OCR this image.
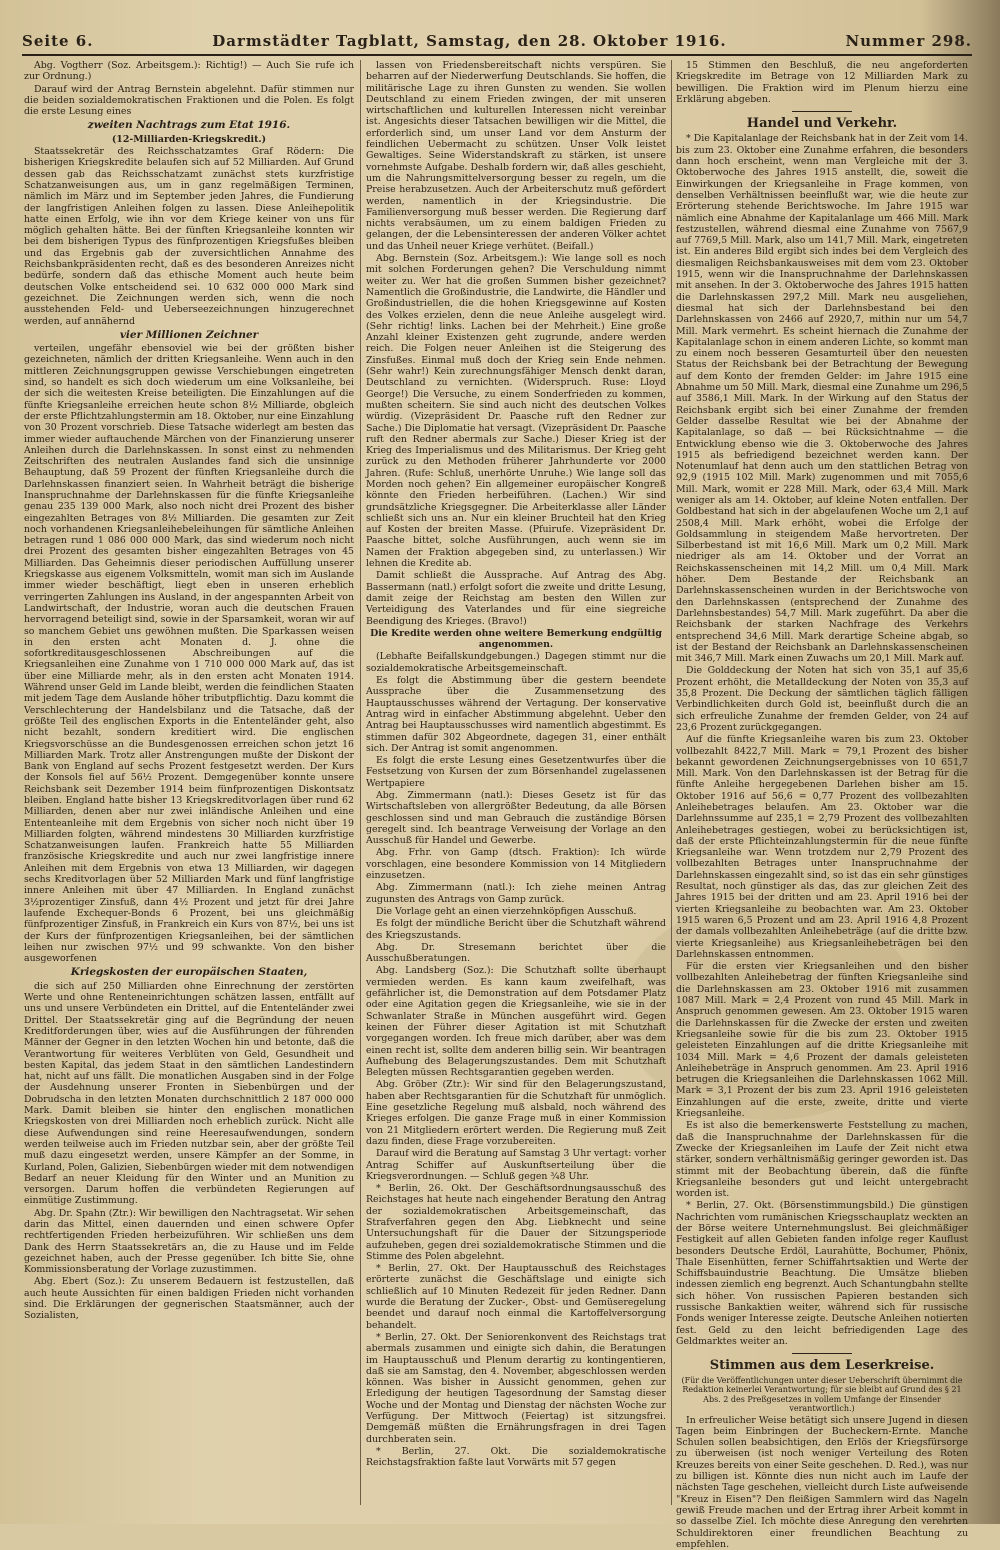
Seite 6.	Darmstädter Tagblatt, Samstag, den 28. Oktober 1916.	Nummer 298.

Abg. Vogtherr (Soz. Arbeitsgem.): Richtig!) — Auch Sie rufe ich zur Ordnung.)

Darauf wird der Antrag Bernstein abgelehnt. Dafür stimmen nur die beiden sozialdemokratischen Fraktionen und die Polen. Es folgt die erste Lesung eines

zweiten Nachtrags zum Etat 1916.

(12-Milliarden-Kriegskredit.)

Staatssekretär des Reichsschatzamtes Graf Rödern: Die bisherigen Kriegskredite belaufen sich auf 52 Milliarden. Auf Grund dessen gab das Reichsschatzamt zunächst stets kurzfristige Schatzanweisungen aus, um in ganz regelmäßigen Terminen, nämlich im März und im September jeden Jahres, die Fundierung der langfristigen Anleihen folgen zu lassen. Diese Anleihepolitik hatte einen Erfolg, wie ihn vor dem Kriege keiner von uns für möglich gehalten hätte. Bei der fünften Kriegsanleihe konnten wir bei dem bisherigen Typus des fünfprozentigen Kriegsfußes bleiben und das Ergebnis gab der zuversichtlichen Annahme des Reichsbankpräsidenten recht, daß es des besonderen Anreizes nicht bedürfe, sondern daß das ethische Moment auch heute beim deutschen Volke entscheidend sei. 10 632 000 000 Mark sind gezeichnet. Die Zeichnungen werden sich, wenn die noch ausstehenden Feld- und Ueberseezeichnungen hinzugerechnet werden, auf annähernd

vier Millionen Zeichner

verteilen, ungefähr ebensoviel wie bei der größten bisher gezeichneten, nämlich der dritten Kriegsanleihe. Wenn auch in den mittleren Zeichnungsgruppen gewisse Verschiebungen eingetreten sind, so handelt es sich doch wiederum um eine Volksanleihe, bei der sich die weitesten Kreise beteiligten. Die Einzahlungen auf die fünfte Kriegsanleihe erreichen heute schon 8½ Milliarde, obgleich der erste Pflichtzahlungstermin am 18. Oktober, nur eine Einzahlung von 30 Prozent vorschrieb. Diese Tatsache widerlegt am besten das immer wieder auftauchende Märchen von der Finanzierung unserer Anleihen durch die Darlehnskassen. In sonst einst zu nehmenden Zeitschriften des neutralen Auslandes fand sich die unsinnige Behauptung, daß 59 Prozent der fünften Kriegsanleihe durch die Darlehnskassen finanziert seien. In Wahrheit beträgt die bisherige Inanspruchnahme der Darlehnskassen für die fünfte Kriegsanleihe genau 235 139 000 Mark, also noch nicht drei Prozent des bisher eingezahlten Betrages von 8½ Milliarden. Die gesamten zur Zeit noch vorhandenen Kriegsanleihebeleihungen für sämtliche Anleihen betragen rund 1 086 000 000 Mark, das sind wiederum noch nicht drei Prozent des gesamten bisher eingezahlten Betrages von 45 Milliarden. Das Geheimnis dieser periodischen Auffüllung unserer Kriegskasse aus eigenem Volksmitteln, womit man sich im Auslande immer wieder beschäftigt, liegt eben in unseren erheblich verringerten Zahlungen ins Ausland, in der angespannten Arbeit von Landwirtschaft, der Industrie, woran auch die deutschen Frauen hervorragend beteiligt sind, sowie in der Sparsamkeit, woran wir auf so manchem Gebiet uns gewöhnen mußten. Die Sparkassen weisen in den ersten acht Monaten d. J. ohne die sofortkreditausgeschlossenen Abschreibungen auf die Kriegsanleihen eine Zunahme von 1 710 000 000 Mark auf, das ist über eine Milliarde mehr, als in den ersten acht Monaten 1914. Während unser Geld im Lande bleibt, werden die feindlichen Staaten mit jedem Tage dem Auslande höher tributpflichtig. Dazu kommt die Verschlechterung der Handelsbilanz und die Tatsache, daß der größte Teil des englischen Exports in die Ententeländer geht, also nicht bezahlt, sondern kreditiert wird. Die englischen Kriegsvorschüsse an die Bundesgenossen erreichen schon jetzt 16 Milliarden Mark. Trotz aller Anstrengungen mußte der Diskont der Bank von England auf sechs Prozent festgesetzt werden. Der Kurs der Konsols fiel auf 56½ Prozent. Demgegenüber konnte unsere Reichsbank seit Dezember 1914 beim fünfprozentigen Diskontsatz bleiben. England hatte bisher 13 Kriegskreditvorlagen über rund 62 Milliarden, denen aber nur zwei inländische Anleihen und eine Ententeanleihe mit dem Ergebnis von sicher noch nicht über 19 Milliarden folgten, während mindestens 30 Milliarden kurzfristige Schatzanweisungen laufen. Frankreich hatte 55 Milliarden französische Kriegskredite und auch nur zwei langfristige innere Anleihen mit dem Ergebnis von etwa 13 Milliarden, wir dagegen sechs Kreditvorlagen über 52 Milliarden Mark und fünf langfristige innere Anleihen mit über 47 Milliarden. In England zunächst 3½prozentiger Zinsfuß, dann 4½ Prozent und jetzt für drei Jahre laufende Exchequer-Bonds 6 Prozent, bei uns gleichmäßig fünfprozentiger Zinsfuß, in Frankreich ein Kurs von 87½, bei uns ist der Kurs der fünfprozentigen Kriegsanleihen, bei der sämtlichen leihen nur zwischen 97½ und 99 schwankte. Von den bisher ausgeworfenen

Kriegskosten der europäischen Staaten,

die sich auf 250 Milliarden ohne Einrechnung der zerstörten Werte und ohne Renteneinrichtungen schätzen lassen, entfällt auf uns und unsere Verbündeten ein Drittel, auf die Ententeländer zwei Drittel. Der Staatssekretär ging auf die Begründung der neuen Kreditforderungen über, wies auf die Ausführungen der führenden Männer der Gegner in den letzten Wochen hin und betonte, daß die Verantwortung für weiteres Verblüten von Geld, Gesundheit und besten Kapital, das jedem Staat in den sämtlichen Landestindern hat, nicht auf uns fällt. Die monatlichen Ausgaben sind in der Folge der Ausdehnung unserer Fronten in Siebenbürgen und der Dobrudscha in den letzten Monaten durchschnittlich 2 187 000 000 Mark. Damit bleiben sie hinter den englischen monatlichen Kriegskosten von drei Milliarden noch erheblich zurück. Nicht alle diese Aufwendungen sind reine Heeresaufwendungen, sondern werden teilweise auch im Frieden nutzbar sein, aber der größte Teil muß dazu eingesetzt werden, unsere Kämpfer an der Somme, in Kurland, Polen, Galizien, Siebenbürgen wieder mit dem notwendigen Bedarf an neuer Kleidung für den Winter und an Munition zu versorgen. Darum hoffen die verbündeten Regierungen auf einmütige Zustimmung.

Abg. Dr. Spahn (Ztr.): Wir bewilligen den Nachtragsetat. Wir sehen darin das Mittel, einen dauernden und einen schwere Opfer rechtfertigenden Frieden herbeizuführen. Wir schließen uns dem Dank des Herrn Staatssekretärs an, die zu Hause und im Felde gezeichnet haben, auch der Presse gegenüber. Ich bitte Sie, ohne Kommissionsberatung der Vorlage zuzustimmen.

Abg. Ebert (Soz.): Zu unserem Bedauern ist festzustellen, daß auch heute Aussichten für einen baldigen Frieden nicht vorhanden sind. Die Erklärungen der gegnerischen Staatsmänner, auch der Sozialisten,

lassen von Friedensbereitschaft nichts verspüren. Sie beharren auf der Niederwerfung Deutschlands. Sie hoffen, die militärische Lage zu ihren Gunsten zu wenden. Sie wollen Deutschland zu einem Frieden zwingen, der mit unseren wirtschaftlichen und kulturellen Interessen nicht vereinbar ist. Angesichts dieser Tatsachen bewilligen wir die Mittel, die erforderlich sind, um unser Land vor dem Ansturm der feindlichen Uebermacht zu schützen. Unser Volk leistet Gewaltiges. Seine Widerstandskraft zu stärken, ist unsere vornehmste Aufgabe. Deshalb fordern wir, daß alles geschieht, um die Nahrungsmittelversorgung besser zu regeln, um die Preise herabzusetzen. Auch der Arbeiterschutz muß gefördert werden, namentlich in der Kriegsindustrie. Die Familienversorgung muß besser werden. Die Regierung darf nichts verabsäumen, um zu einem baldigen Frieden zu gelangen, der die Lebensinteressen der anderen Völker achtet und das Unheil neuer Kriege verhütet. (Beifall.)

Abg. Bernstein (Soz. Arbeitsgem.): Wie lange soll es noch mit solchen Forderungen gehen? Die Verschuldung nimmt weiter zu. Wer hat die großen Summen bisher gezeichnet? Namentlich die Großindustrie, die Landwirte, die Händler und Großindustriellen, die die hohen Kriegsgewinne auf Kosten des Volkes erzielen, denn die neue Anleihe ausgelegt wird. (Sehr richtig! links. Lachen bei der Mehrheit.) Eine große Anzahl kleiner Existenzen geht zugrunde, andere werden reich. Die Folgen neuer Anleihen ist die Steigerung des Zinsfußes. Einmal muß doch der Krieg sein Ende nehmen. (Sehr wahr!) Kein zurechnungsfähiger Mensch denkt daran, Deutschland zu vernichten. (Widerspruch. Ruse: Lloyd George!) Die Versuche, zu einem Sonderfrieden zu kommen, mußten scheitern. Sie sind auch nicht des deutschen Volkes würdig. (Vizepräsident Dr. Paasche ruft den Redner zur Sache.) Die Diplomatie hat versagt. (Vizepräsident Dr. Paasche ruft den Redner abermals zur Sache.) Dieser Krieg ist der Krieg des Imperialismus und des Militarismus. Der Krieg geht zurück zu den Methoden früherer Jahrhunderte vor 2000 Jahren. (Rufe: Schluß, unerhörte Unruhe.) Wie lange soll das Morden noch gehen? Ein allgemeiner europäischer Kongreß könnte den Frieden herbeiführen. (Lachen.) Wir sind grundsätzliche Kriegsgegner. Die Arbeiterklasse aller Länder schließt sich uns an. Nur ein kleiner Bruchteil hat den Krieg auf Kosten der breiten Masse. (Pfuirufe. Vizepräsident Dr. Paasche bittet, solche Ausführungen, auch wenn sie im Namen der Fraktion abgegeben sind, zu unterlassen.) Wir lehnen die Kredite ab.

Damit schließt die Aussprache. Auf Antrag des Abg. Bassermann (natl.) erfolgt sofort die zweite und dritte Lesung, damit zeige der Reichstag am besten den Willen zur Verteidigung des Vaterlandes und für eine siegreiche Beendigung des Krieges. (Bravo!)

Die Kredite werden ohne weitere Bemerkung endgültig angenommen.

(Lebhafte Beifallskundgebungen.) Dagegen stimmt nur die sozialdemokratische Arbeitsgemeinschaft.

Es folgt die Abstimmung über die gestern beendete Aussprache über die Zusammensetzung des Hauptausschusses während der Vertagung. Der konservative Antrag wird in einfacher Abstimmung abgelehnt. Ueber den Antrag bei Hauptausschusses wird namentlich abgestimmt. Es stimmen dafür 302 Abgeordnete, dagegen 31, einer enthält sich. Der Antrag ist somit angenommen.

Es folgt die erste Lesung eines Gesetzentwurfes über die Festsetzung von Kursen der zum Börsenhandel zugelassenen Wertpapiere

Abg. Zimmermann (natl.): Dieses Gesetz ist für das Wirtschaftsleben von allergrößter Bedeutung, da alle Börsen geschlossen sind und man Gebrauch die zuständige Börsen geregelt sind. Ich beantrage Verweisung der Vorlage an den Ausschuß für Handel und Gewerbe.

Abg. Frhr. von Gamp (dtsch. Fraktion): Ich würde vorschlagen, eine besondere Kommission von 14 Mitgliedern einzusetzen.

Abg. Zimmermann (natl.): Ich ziehe meinen Antrag zugunsten des Antrags von Gamp zurück.

Die Vorlage geht an einen vierzehnköpfigen Ausschuß.

Es folgt der mündliche Bericht über die Schutzhaft während des Kriegszustands.

Abg. Dr. Stresemann berichtet über die Ausschußberatungen.

Abg. Landsberg (Soz.): Die Schutzhaft sollte überhaupt vermieden werden. Es kann kaum zweifelhaft, was gefährlicher ist, die Demonstration auf dem Potsdamer Platz oder eine Agitation gegen die Kriegsanleihe, wie sie in der Schwanlater Straße in München ausgeführt wird. Gegen keinen der Führer dieser Agitation ist mit Schutzhaft vorgegangen worden. Ich freue mich darüber, aber was dem einen recht ist, sollte dem anderen billig sein. Wir beantragen Aufhebung des Belagerungszustandes. Dem mit Schutzhaft Belegten müssen Rechtsgarantien gegeben werden.

Abg. Gröber (Ztr.): Wir sind für den Belagerungszustand, haben aber Rechtsgarantien für die Schutzhaft für unmöglich. Eine gesetzliche Regelung muß alsbald, noch während des Krieges erfolgen. Die ganze Frage muß in einer Kommission von 21 Mitgliedern erörtert werden. Die Regierung muß Zeit dazu finden, diese Frage vorzubereiten.

Darauf wird die Beratung auf Samstag 3 Uhr vertagt: vorher Antrag Schiffer auf Auskunftserteilung über die Kriegsverordnungen. — Schluß gegen ¾8 Uhr.

* Berlin, 26. Okt. Der Geschäftsordnungsausschuß des Reichstages hat heute nach eingehender Beratung den Antrag der sozialdemokratischen Arbeitsgemeinschaft, das Strafverfahren gegen den Abg. Liebknecht und seine Untersuchungshaft für die Dauer der Sitzungsperiode aufzuheben, gegen drei sozialdemokratische Stimmen und die Stimme des Polen abgelehnt.

* Berlin, 27. Okt. Der Hauptausschuß des Reichstages erörterte zunächst die Geschäftslage und einigte sich schließlich auf 10 Minuten Redezeit für jeden Redner. Dann wurde die Beratung der Zucker-, Obst- und Gemüseregelung beendet und darauf noch einmal die Kartoffelversorgung behandelt.

* Berlin, 27. Okt. Der Seniorenkonvent des Reichstags trat abermals zusammen und einigte sich dahin, die Beratungen im Hauptausschuß und Plenum derartig zu kontingentieren, daß sie am Samstag, den 4. November, abgeschlossen werden können. Was bisher in Aussicht genommen, gehen zur Erledigung der heutigen Tagesordnung der Samstag dieser Woche und der Montag und Dienstag der nächsten Woche zur Verfügung. Der Mittwoch (Feiertag) ist sitzungsfrei. Demgemäß müßten die Ernährungsfragen in drei Tagen durchberaten sein.

* Berlin, 27. Okt. Die sozialdemokratische Reichstagsfraktion faßte laut Vorwärts mit 57 gegen

15 Stimmen den Beschluß, die neu angeforderten Kriegskredite im Betrage von 12 Milliarden Mark zu bewilligen. Die Fraktion wird im Plenum hierzu eine Erklärung abgeben.

Handel und Verkehr.

* Die Kapitalanlage der Reichsbank hat in der Zeit vom 14. bis zum 23. Oktober eine Zunahme erfahren, die besonders dann hoch erscheint, wenn man Vergleiche mit der 3. Oktoberwoche des Jahres 1915 anstellt, die, soweit die Einwirkungen der Kriegsanleihe in Frage kommen, von denselben Verhältnissen beeinflußt war, wie die heute zur Erörterung stehende Berichtswoche. Im Jahre 1915 war nämlich eine Abnahme der Kapitalanlage um 466 Mill. Mark festzustellen, während diesmal eine Zunahme von 7567,9 auf 7769,5 Mill. Mark, also um 141,7 Mill. Mark, eingetreten ist. Ein anderes Bild ergibt sich indes bei dem Vergleich des diesmaligen Reichsbankausweises mit dem vom 23. Oktober 1915, wenn wir die Inanspruchnahme der Darlehnskassen mit ansehen. In der 3. Oktoberwoche des Jahres 1915 hatten die Darlehnskassen 297,2 Mill. Mark neu ausgeliehen, diesmal hat sich der Darlehnsbestand bei den Darlehnskassen von 2466 auf 2920,7, mithin nur um 54,7 Mill. Mark vermehrt. Es scheint hiernach die Zunahme der Kapitalanlage schon in einem anderen Lichte, so kommt man zu einem noch besseren Gesamturteil über den neuesten Status der Reichsbank bei der Betrachtung der Bewegung auf dem Konto der fremden Gelder: im Jahre 1915 eine Abnahme um 50 Mill. Mark, diesmal eine Zunahme um 296,5 auf 3586,1 Mill. Mark. In der Wirkung auf den Status der Reichsbank ergibt sich bei einer Zunahme der fremden Gelder dasselbe Resultat wie bei der Abnahme der Kapitalanlage, so daß — bei Rücksichtnahme — die Entwicklung ebenso wie die 3. Oktoberwoche des Jahres 1915 als befriedigend bezeichnet werden kann. Der Notenumlauf hat denn auch um den stattlichen Betrag von 92,9 (1915 102 Mill. Mark) zugenommen und mit 7055,6 Mill. Mark, womit er 228 Mill. Mark, oder 63,4 Mill. Mark weniger als am 14. Oktober, auf kleine Noten entfallen. Der Goldbestand hat sich in der abgelaufenen Woche um 2,1 auf 2508,4 Mill. Mark erhöht, wobei die Erfolge der Goldsammlung in steigendem Maße hervortreten. Der Silberbestand ist mit 16,6 Mill. Mark um 0,2 Mill. Mark niedriger als am 14. Oktober und der Vorrat an Reichskassenscheinen mit 14,2 Mill. um 0,4 Mill. Mark höher. Dem Bestande der Reichsbank an Darlehnskassenscheinen wurden in der Berichtswoche von den Darlehnskassen (entsprechend der Zunahme des Darlehnsbestandes) 54,7 Mill. Mark zugeführt. Da aber die Reichsbank der starken Nachfrage des Verkehrs entsprechend 34,6 Mill. Mark derartige Scheine abgab, so ist der Bestand der Reichsbank an Darlehnskassenscheinen mit 346,7 Mill. Mark einen Zuwachs um 20,1 Mill. Mark auf.

Die Golddeckung der Noten hat sich von 35,1 auf 35,6 Prozent erhöht, die Metalldeckung der Noten von 35,3 auf 35,8 Prozent. Die Deckung der sämtlichen täglich fälligen Verbindlichkeiten durch Gold ist, beeinflußt durch die an sich erfreuliche Zunahme der fremden Gelder, von 24 auf 23,6 Prozent zurückgegangen.

Auf die fünfte Kriegsanleihe waren bis zum 23. Oktober vollbezahlt 8422,7 Mill. Mark = 79,1 Prozent des bisher bekannt gewordenen Zeichnungsergebnisses von 10 651,7 Mill. Mark. Von den Darlehnskassen ist der Betrag für die fünfte Anleihe hergegebenen Darlehen bisher am 15. Oktober 1916 auf 56,6 = 0,77 Prozent des vollbezahlten Anleihebetrages belaufen. Am 23. Oktober war die Darlehnssumme auf 235,1 = 2,79 Prozent des vollbezahlten Anleihebetrages gestiegen, wobei zu berücksichtigen ist, daß der erste Pflichteinzahlungstermin für die neue fünfte Kriegsanleihe war. Wenn trotzdem nur 2,79 Prozent des vollbezahlten Betrages unter Inanspruchnahme der Darlehnskassen eingezahlt sind, so ist das ein sehr günstiges Resultat, noch günstiger als das, das zur gleichen Zeit des Jahres 1915 bei der dritten und am 23. April 1916 bei der vierten Kriegsanleihe zu beobachten war. Am 23. Oktober 1915 waren 6,5 Prozent und am 23. April 1916 4,8 Prozent der damals vollbezahlten Anleihebeträge (auf die dritte bzw. vierte Kriegsanleihe) aus Kriegsanleihebeträgen bei den Darlehnskassen entnommen.

Für die ersten vier Kriegsanleihen und den bisher vollbezahlten Anleihebetrag der fünften Kriegsanleihe sind die Darlehnskassen am 23. Oktober 1916 mit zusammen 1087 Mill. Mark = 2,4 Prozent von rund 45 Mill. Mark in Anspruch genommen gewesen. Am 23. Oktober 1915 waren die Darlehnskassen für die Zwecke der ersten und zweiten Kriegsanleihe sowie für die bis zum 23. Oktober 1915 geleisteten Einzahlungen auf die dritte Kriegsanleihe mit 1034 Mill. Mark = 4,6 Prozent der damals geleisteten Anleihebeträge in Anspruch genommen. Am 23. April 1916 betrugen die Kriegsanleihen die Darlehnskassen 1062 Mill. Mark = 3,1 Prozent der bis zum 23. April 1916 geleisteten Einzahlungen auf die erste, zweite, dritte und vierte Kriegsanleihe.

Es ist also die bemerkenswerte Feststellung zu machen, daß die Inanspruchnahme der Darlehnskassen für die Zwecke der Kriegsanleihen im Laufe der Zeit nicht etwa stärker, sondern verhältnismäßig geringer geworden ist. Das stimmt mit der Beobachtung überein, daß die fünfte Kriegsanleihe besonders gut und leicht untergebracht worden ist.

* Berlin, 27. Okt. (Börsenstimmungsbild.) Die günstigen Nachrichten vom rumänischen Kriegsschauplatz weckten an der Börse weitere Unternehmungslust. Bei gleichmäßiger Festigkeit auf allen Gebieten fanden infolge reger Kauflust besonders Deutsche Erdöl, Laurahütte, Bochumer, Phönix, Thale Eisenhütten, ferner Schiffahrtsaktien und Werte der Schiffsbauindustrie Beachtung. Die Umsätze blieben indessen ziemlich eng begrenzt. Auch Schantungbahn stellte sich höher. Von russischen Papieren bestanden sich russische Bankaktien weiter, während sich für russische Fonds weniger Interesse zeigte. Deutsche Anleihen notierten fest. Geld zu den leicht befriedigenden Lage des Geldmarktes weiter an.

Stimmen aus dem Leserkreise.

(Für die Veröffentlichungen unter dieser Ueberschrift übernimmt die Redaktion keinerlei Verantwortung; für sie bleibt auf Grund des § 21 Abs. 2 des Preßgesetzes in vollem Umfange der Einsender verantwortlich.)

In erfreulicher Weise betätigt sich unsere Jugend in diesen Tagen beim Einbringen der Bucheckern-Ernte. Manche Schulen sollen beabsichtigen, den Erlös der Kriegsfürsorge zu überweisen (ist noch weniger Verteilung des Roten Kreuzes bereits von einer Seite geschehen. D. Red.), was nur zu billigen ist. Könnte dies nun nicht auch im Laufe der nächsten Tage geschehen, vielleicht durch Liste aufweisende "Kreuz in Eisen"? Den fleißigen Sammlern wird das Nageln gewiß Freude machen und der Ertrag ihrer Arbeit kommt in so dasselbe Ziel. Ich möchte diese Anregung den verehrten Schuldirektoren einer freundlichen Beachtung zu empfehlen.
